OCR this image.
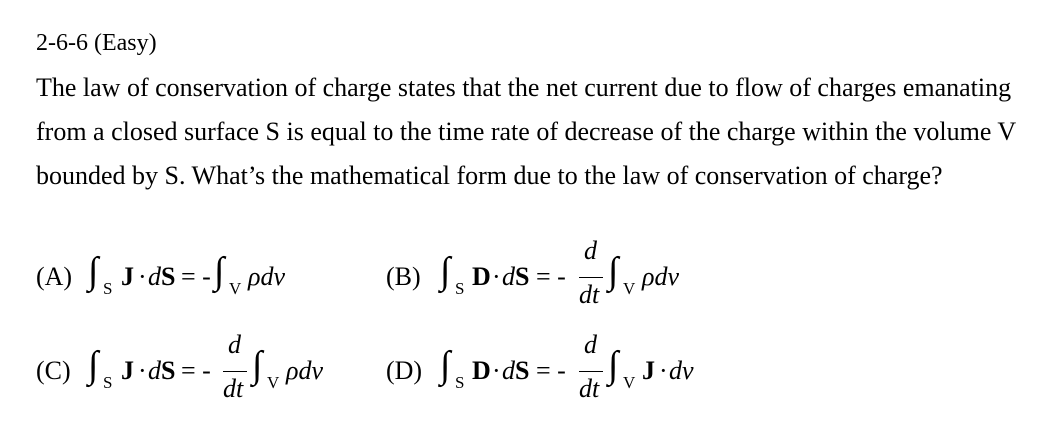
2-6-6 (Easy)
The law of conservation of charge states that the net current due to flow of charges emanating from a closed surface S is equal to the time rate of decrease of the charge within the volume V bounded by S. What’s the mathematical form due to the law of conservation of charge?
(A) ∫ S J · d S = - ∫ V ρdv	(B) ∫ S D · d S = -
d
dt
∫ V ρdv
(C) ∫ S J · d S = -
d
dt
∫ V ρdv (D) ∫ S D · d S = -
d
dt
∫ V J · dv
